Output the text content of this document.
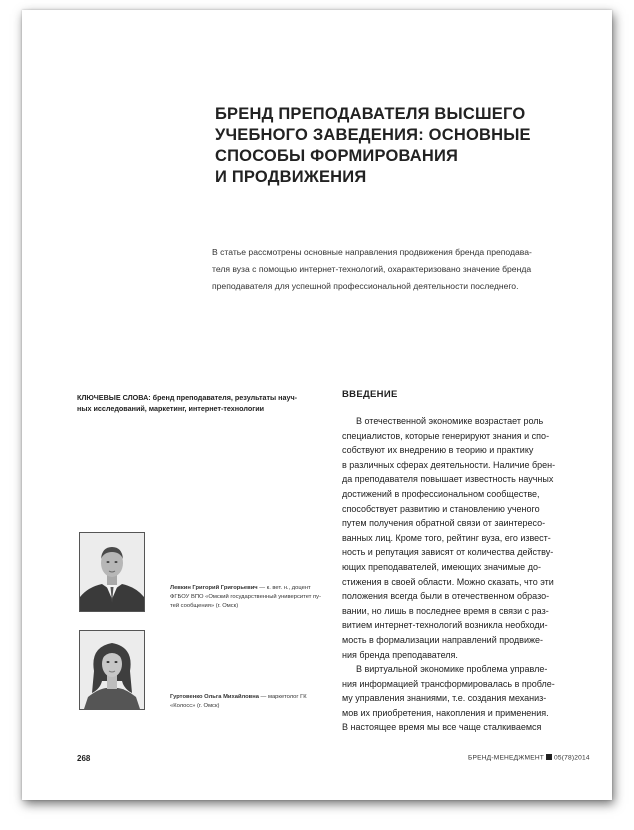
БРЕНД ПРЕПОДАВАТЕЛЯ ВЫСШЕГО
УЧЕБНОГО ЗАВЕДЕНИЯ: ОСНОВНЫЕ
СПОСОБЫ ФОРМИРОВАНИЯ
И ПРОДВИЖЕНИЯ
В статье рассмотрены основные направления продвижения бренда преподава-
теля вуза с помощью интернет-технологий, охарактеризовано значение бренда
преподавателя для успешной профессиональной деятельности последнего.
КЛЮЧЕВЫЕ СЛОВА: бренд преподавателя, результаты науч-
ных исследований, маркетинг, интернет-технологии
ВВЕДЕНИЕ
В отечественной экономике возрастает роль
специалистов, которые генерируют знания и спо-
собствуют их внедрению в теорию и практику
в различных сферах деятельности. Наличие брен-
да преподавателя повышает известность научных
достижений в профессиональном сообществе,
способствует развитию и становлению ученого
путем получения обратной связи от заинтересо-
ванных лиц. Кроме того, рейтинг вуза, его извест-
ность и репутация зависят от количества действу-
ющих преподавателей, имеющих значимые до-
стижения в своей области. Можно сказать, что эти
положения всегда были в отечественном образо-
вании, но лишь в последнее время в связи с раз-
витием интернет-технологий возникла необходи-
мость в формализации направлений продвиже-
ния бренда преподавателя.
В виртуальной экономике проблема управле-
ния информацией трансформировалась в пробле-
му управления знаниями, т.е. создания механиз-
мов их приобретения, накопления и применения.
В настоящее время мы все чаще сталкиваемся
Левкин Григорий Григорьевич — к. вет. н., доцент
ФГБОУ ВПО «Омский государственный университет пу-
тей сообщения» (г. Омск)
Гуртовенко Ольга Михайловна — маркетолог ГК
«Колосс» (г. Омск)
268	БРЕНД-МЕНЕДЖМЕНТ 05(78)2014
